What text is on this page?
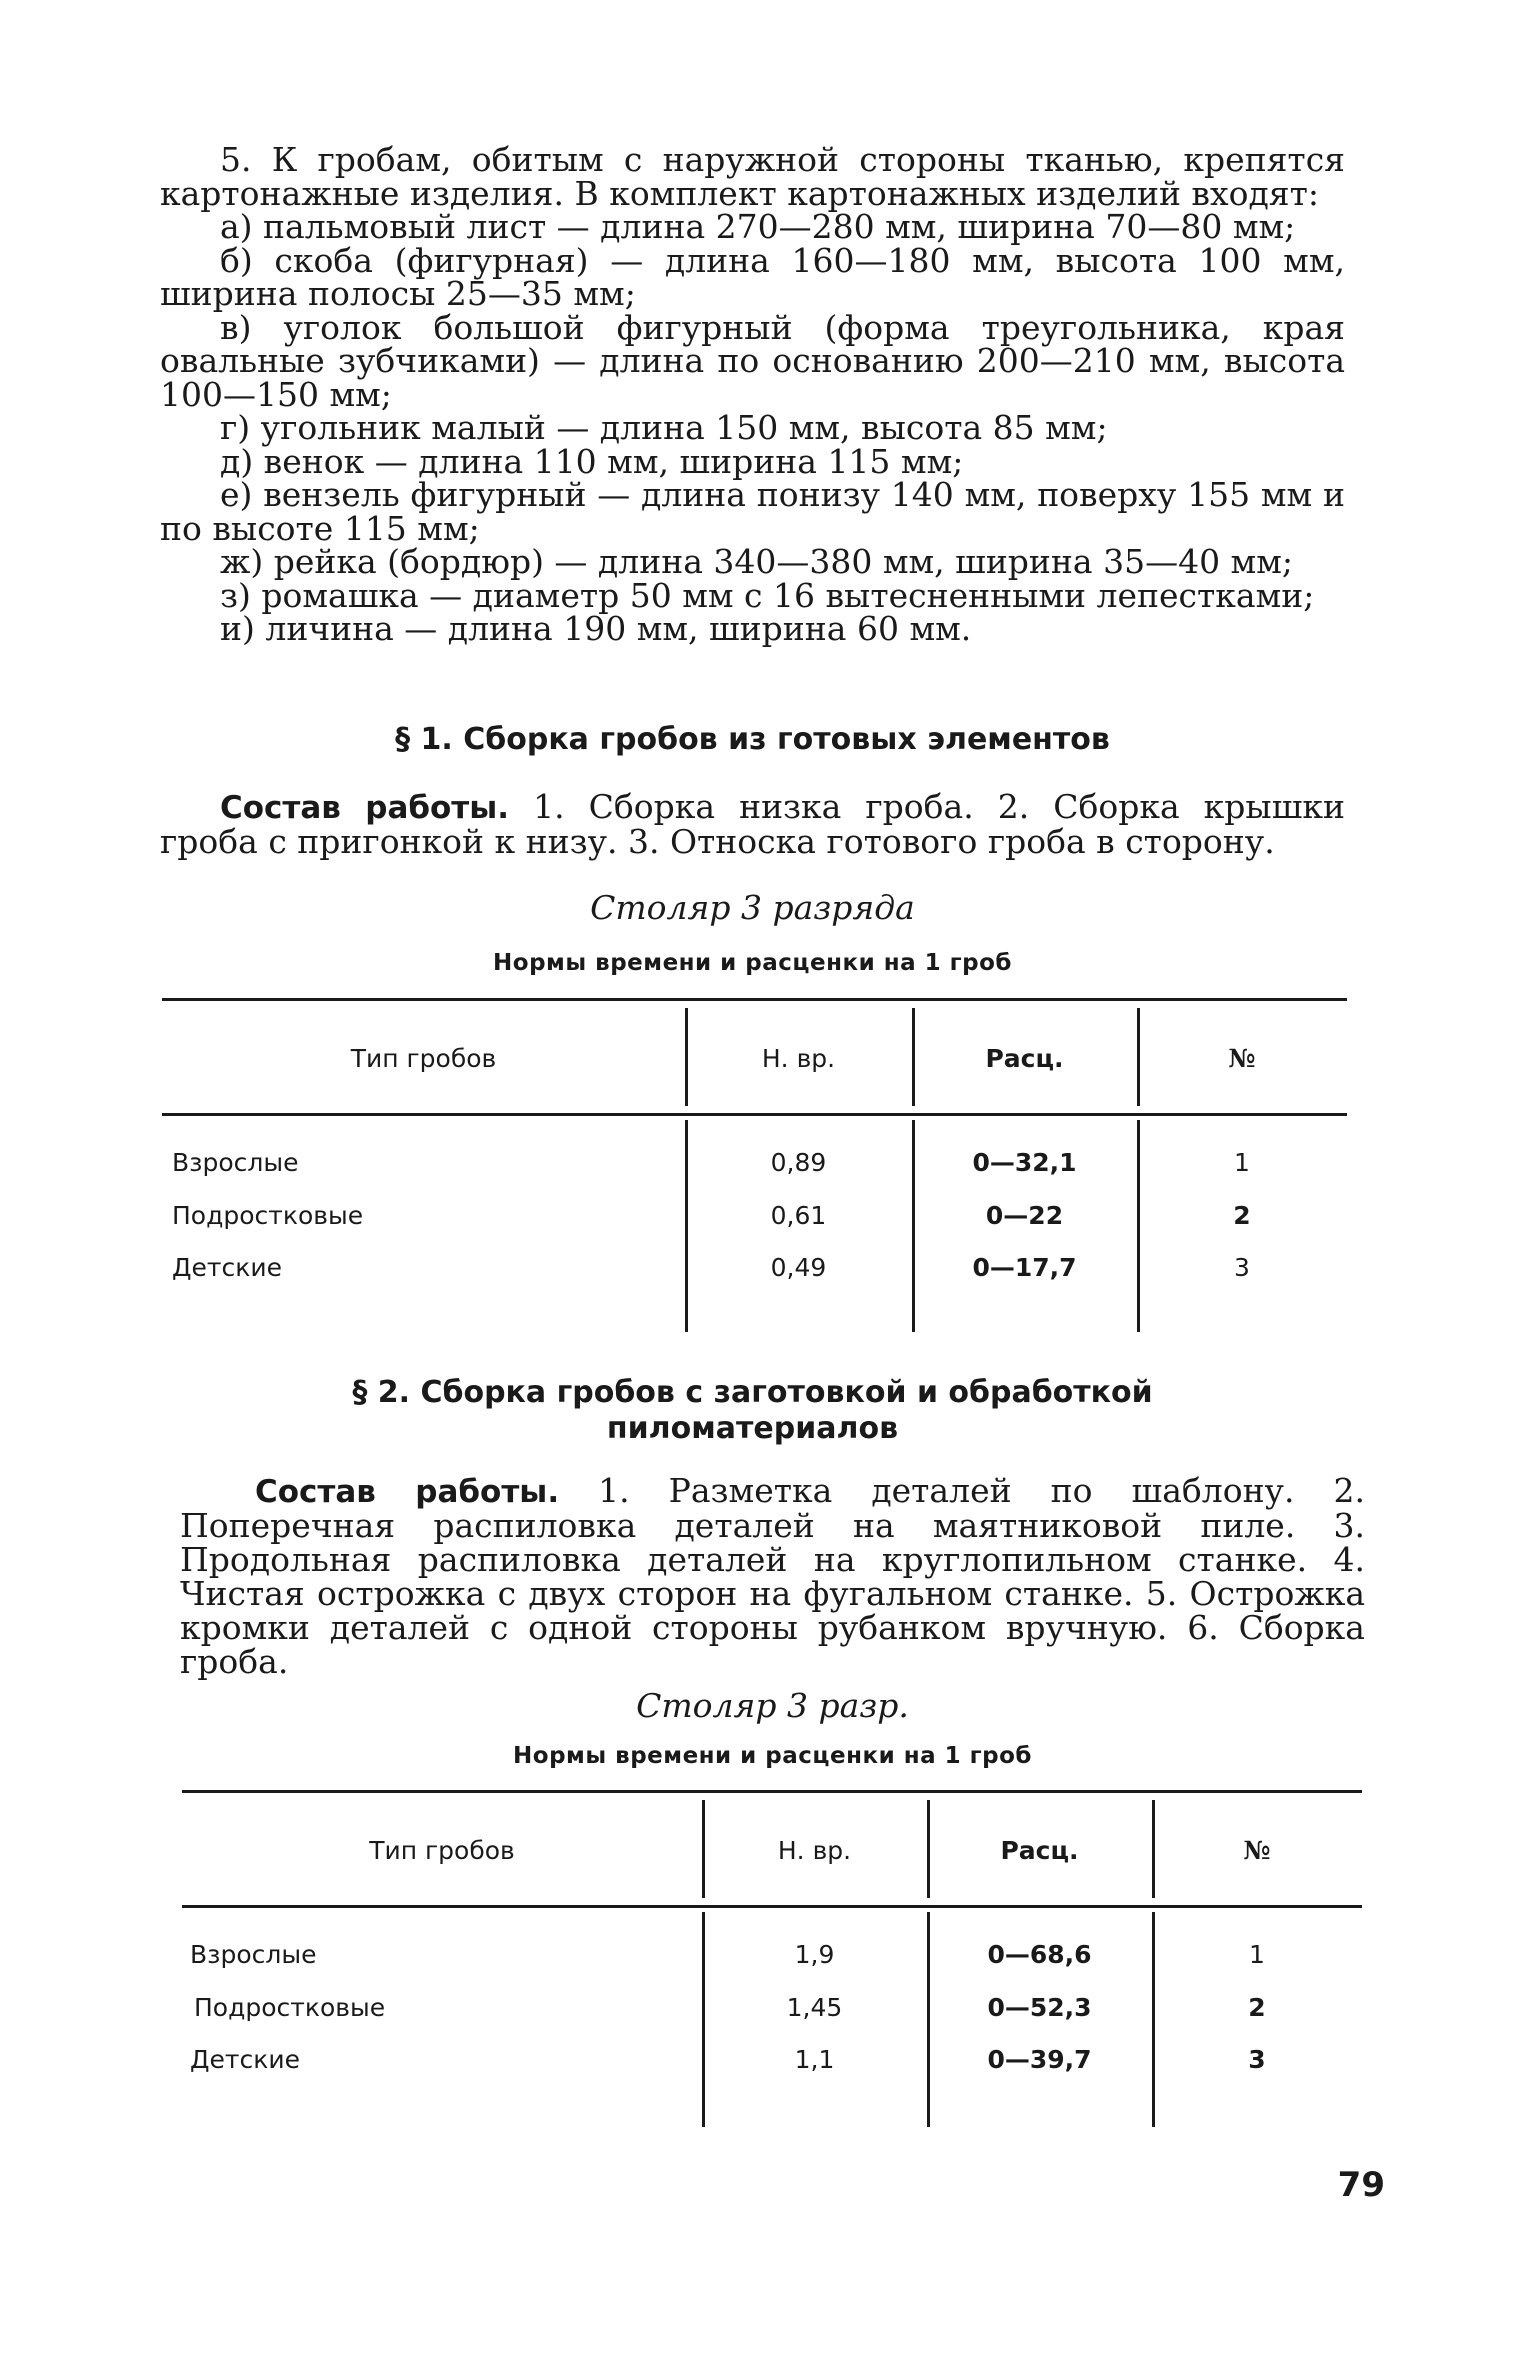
5. К гробам, обитым с наружной стороны тканью, крепятся картонажные изделия. В комплект картонажных изделий входят:

а) пальмовый лист — длина 270—280 мм, ширина 70—80 мм;

б) скоба (фигурная) — длина 160—180 мм, высота 100 мм, ширина полосы 25—35 мм;

в) уголок большой фигурный (форма треугольника, края овальные зубчиками) — длина по основанию 200—210 мм, высота 100—150 мм;

г) угольник малый — длина 150 мм, высота 85 мм;

д) венок — длина 110 мм, ширина 115 мм;

е) вензель фигурный — длина понизу 140 мм, поверху 155 мм и по высоте 115 мм;

ж) рейка (бордюр) — длина 340—380 мм, ширина 35—40 мм;

з) ромашка — диаметр 50 мм с 16 вытесненными лепестками;

и) личина — длина 190 мм, ширина 60 мм.

§ 1. Сборка гробов из готовых элементов
Состав работы. 1. Сборка низка гроба. 2. Сборка крышки гроба с пригонкой к низу. 3. Относка готового гроба в сторону.
Столяр 3 разряда
Нормы времени и расценки на 1 гроб
Тип гробов	Н. вр.	Расц.	№
Взрослые	0,89	0—32,1	1
Подростковые	0,61	0—22	2
Детские	0,49	0—17,7	3
§ 2. Сборка гробов с заготовкой и обработкой
пиломатериалов
Состав работы. 1. Разметка деталей по шаблону. 2. Поперечная распиловка деталей на маятниковой пиле. 3. Продольная распиловка деталей на круглопильном станке. 4. Чистая острожка с двух сторон на фугальном станке. 5. Острожка кромки деталей с одной стороны рубанком вручную. 6. Сборка гроба.
Столяр 3 разр.
Нормы времени и расценки на 1 гроб
Тип гробов	Н. вр.	Расц.	№
Взрослые	1,9	0—68,6	1
Подростковые	1,45	0—52,3	2
Детские	1,1	0—39,7	3
79
